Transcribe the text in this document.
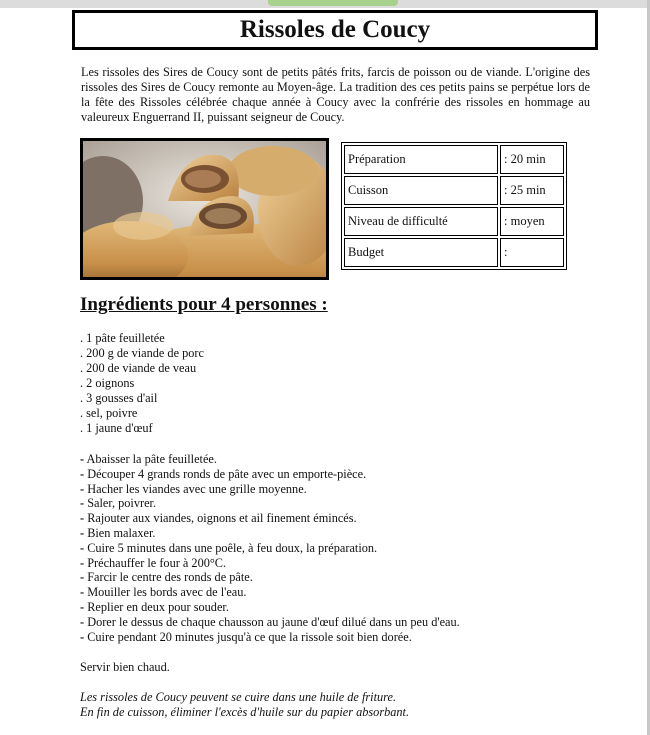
Rissoles de Coucy

Les rissoles des Sires de Coucy sont de petits pâtés frits, farcis de poisson ou de viande. L'origine des rissoles des Sires de Coucy remonte au Moyen-âge. La tradition des ces petits pains se perpétue lors de la fête des Rissoles célébrée chaque année à Coucy avec la confrérie des rissoles en hommage au valeureux Enguerrand II, puissant seigneur de Coucy.

Préparation	: 20 min
Cuisson	: 25 min
Niveau de difficulté	: moyen
Budget	:
Ingrédients pour 4 personnes :
. 1 pâte feuilletée
. 200 g de viande de porc
. 200 de viande de veau
. 2 oignons
. 3 gousses d'ail
. sel, poivre
. 1 jaune d'œuf
- Abaisser la pâte feuilletée.
- Découper 4 grands ronds de pâte avec un emporte-pièce.
- Hacher les viandes avec une grille moyenne.
- Saler, poivrer.
- Rajouter aux viandes, oignons et ail finement émincés.
- Bien malaxer.
- Cuire 5 minutes dans une poêle, à feu doux, la préparation.
- Préchauffer le four à 200°C.
- Farcir le centre des ronds de pâte.
- Mouiller les bords avec de l'eau.
- Replier en deux pour souder.
- Dorer le dessus de chaque chausson au jaune d'œuf dilué dans un peu d'eau.
- Cuire pendant 20 minutes jusqu'à ce que la rissole soit bien dorée.
Servir bien chaud.
Les rissoles de Coucy peuvent se cuire dans une huile de friture.
En fin de cuisson, éliminer l'excès d'huile sur du papier absorbant.
